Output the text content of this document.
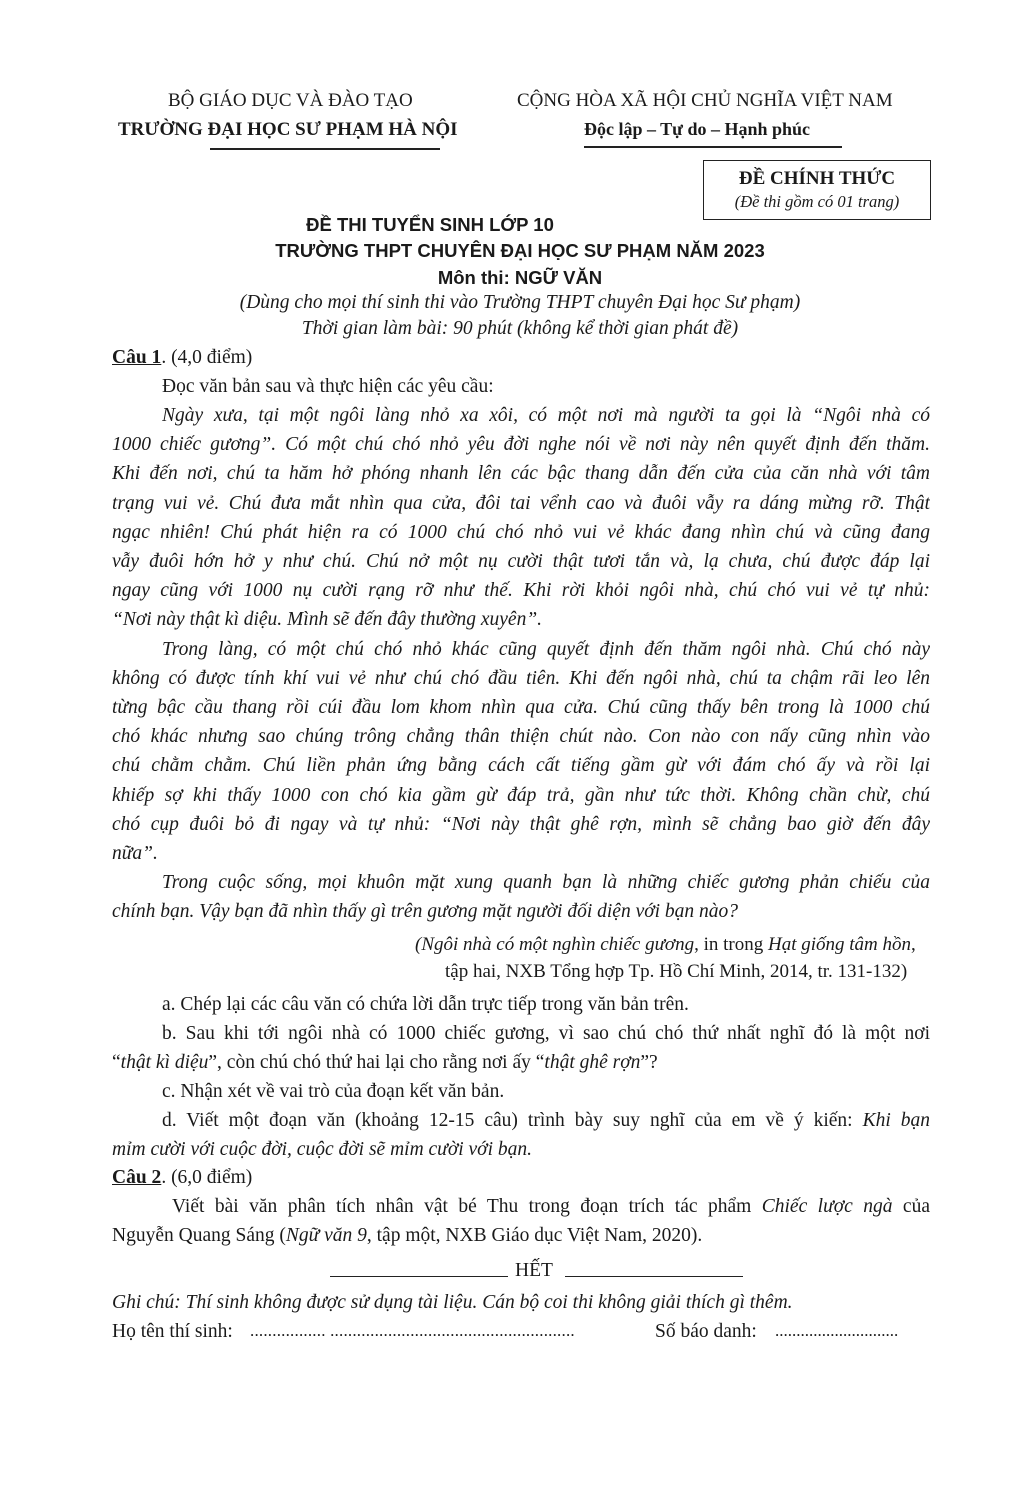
BỘ GIÁO DỤC VÀ ĐÀO TẠO
TRƯỜNG ĐẠI HỌC SƯ PHẠM HÀ NỘI
CỘNG HÒA XÃ HỘI CHỦ NGHĨA VIỆT NAM
Độc lập – Tự do – Hạnh phúc
ĐỀ CHÍNH THỨC
(Đề thi gồm có 01 trang)
ĐỀ THI TUYỂN SINH LỚP 10
TRƯỜNG THPT CHUYÊN ĐẠI HỌC SƯ PHẠM NĂM 2023
Môn thi: NGỮ VĂN
(Dùng cho mọi thí sinh thi vào Trường THPT chuyên Đại học Sư phạm)
Thời gian làm bài: 90 phút (không kể thời gian phát đề)
Câu 1. (4,0 điểm)
Đọc văn bản sau và thực hiện các yêu cầu:
Ngày xưa, tại một ngôi làng nhỏ xa xôi, có một nơi mà người ta gọi là “Ngôi nhà có
1000 chiếc gương”. Có một chú chó nhỏ yêu đời nghe nói về nơi này nên quyết định đến thăm.
Khi đến nơi, chú ta hăm hở phóng nhanh lên các bậc thang dẫn đến cửa của căn nhà với tâm
trạng vui vẻ. Chú đưa mắt nhìn qua cửa, đôi tai vểnh cao và đuôi vẫy ra dáng mừng rỡ. Thật
ngạc nhiên! Chú phát hiện ra có 1000 chú chó nhỏ vui vẻ khác đang nhìn chú và cũng đang
vẫy đuôi hớn hở y như chú. Chú nở một nụ cười thật tươi tắn và, lạ chưa, chú được đáp lại
ngay cũng với 1000 nụ cười rạng rỡ như thế. Khi rời khỏi ngôi nhà, chú chó vui vẻ tự nhủ:
“Nơi này thật kì diệu. Mình sẽ đến đây thường xuyên”.
Trong làng, có một chú chó nhỏ khác cũng quyết định đến thăm ngôi nhà. Chú chó này
không có được tính khí vui vẻ như chú chó đầu tiên. Khi đến ngôi nhà, chú ta chậm rãi leo lên
từng bậc cầu thang rồi cúi đầu lom khom nhìn qua cửa. Chú cũng thấy bên trong là 1000 chú
chó khác nhưng sao chúng trông chẳng thân thiện chút nào. Con nào con nấy cũng nhìn vào
chú chằm chằm. Chú liền phản ứng bằng cách cất tiếng gầm gừ với đám chó ấy và rồi lại
khiếp sợ khi thấy 1000 con chó kia gầm gừ đáp trả, gần như tức thời. Không chần chừ, chú
chó cụp đuôi bỏ đi ngay và tự nhủ: “Nơi này thật ghê rợn, mình sẽ chẳng bao giờ đến đây
nữa”.
Trong cuộc sống, mọi khuôn mặt xung quanh bạn là những chiếc gương phản chiếu của
chính bạn. Vậy bạn đã nhìn thấy gì trên gương mặt người đối diện với bạn nào?
(Ngôi nhà có một nghìn chiếc gương, in trong Hạt giống tâm hồn,
tập hai, NXB Tổng hợp Tp. Hồ Chí Minh, 2014, tr. 131-132)
a. Chép lại các câu văn có chứa lời dẫn trực tiếp trong văn bản trên.
b. Sau khi tới ngôi nhà có 1000 chiếc gương, vì sao chú chó thứ nhất nghĩ đó là một nơi
“thật kì diệu”, còn chú chó thứ hai lại cho rằng nơi ấy “thật ghê rợn”?
c. Nhận xét về vai trò của đoạn kết văn bản.
d. Viết một đoạn văn (khoảng 12-15 câu) trình bày suy nghĩ của em về ý kiến: Khi bạn
mỉm cười với cuộc đời, cuộc đời sẽ mỉm cười với bạn.
Câu 2. (6,0 điểm)
Viết bài văn phân tích nhân vật bé Thu trong đoạn trích tác phẩm Chiếc lược ngà của
Nguyễn Quang Sáng (Ngữ văn 9, tập một, NXB Giáo dục Việt Nam, 2020).
HẾT
Ghi chú: Thí sinh không được sử dụng tài liệu. Cán bộ coi thi không giải thích gì thêm.
Họ tên thí sinh: ................. .......................................................	Số báo danh: .............................
